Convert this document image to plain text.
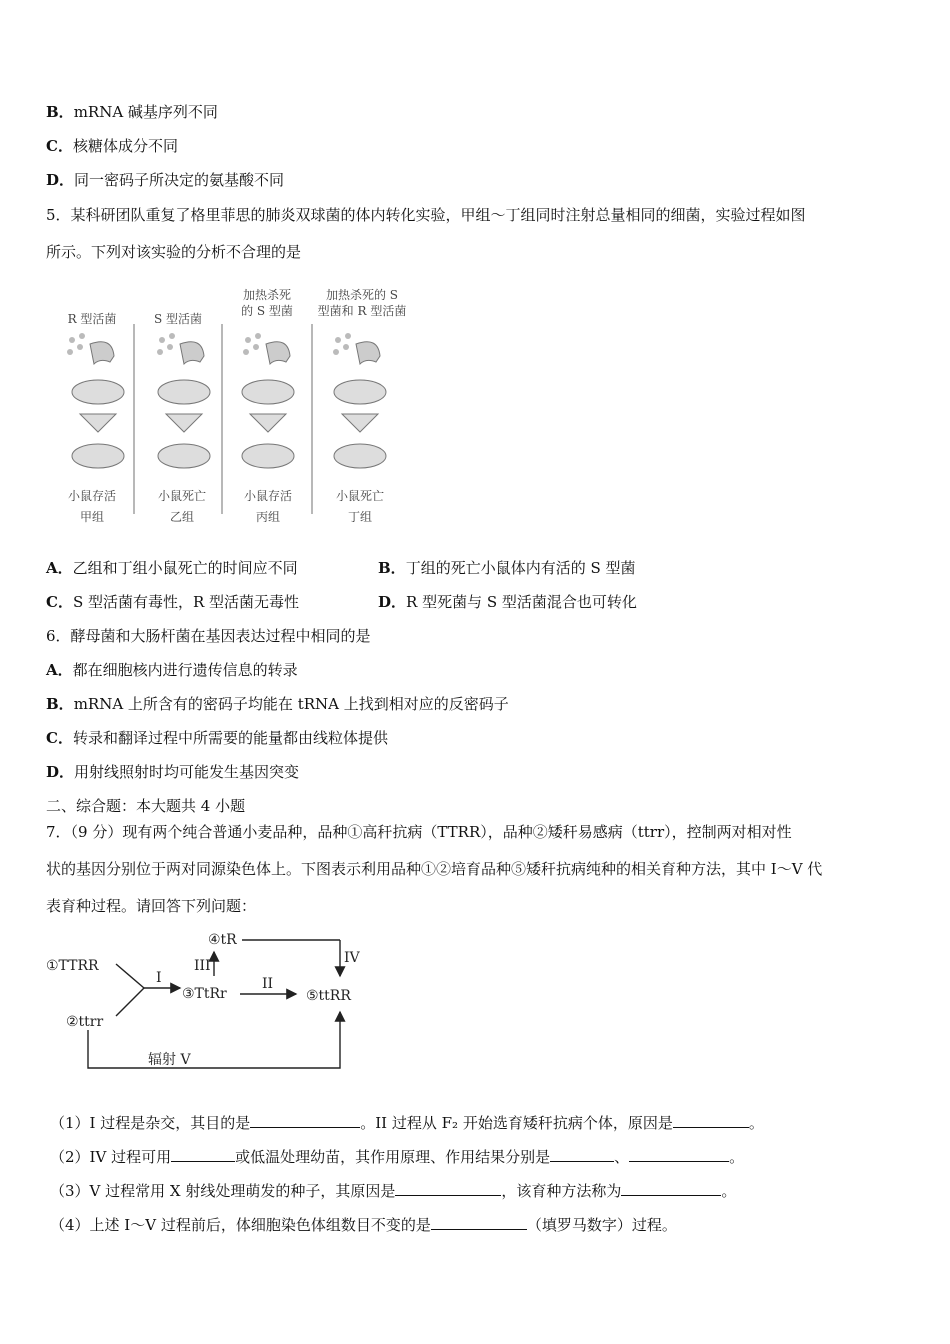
B．mRNA 碱基序列不同
C．核糖体成分不同
D．同一密码子所决定的氨基酸不同
5．某科研团队重复了格里菲思的肺炎双球菌的体内转化实验，甲组～丁组同时注射总量相同的细菌，实验过程如图
所示。下列对该实验的分析不合理的是
R 型活菌	S 型活菌
加热杀死
的 S 型菌
加热杀死的 S
型菌和 R 型活菌
小鼠存活
甲组
小鼠死亡
乙组
小鼠存活
丙组
小鼠死亡
丁组
A．乙组和丁组小鼠死亡的时间应不同	B．丁组的死亡小鼠体内有活的 S 型菌
C．S 型活菌有毒性，R 型活菌无毒性	D．R 型死菌与 S 型活菌混合也可转化
6．酵母菌和大肠杆菌在基因表达过程中相同的是
A．都在细胞核内进行遗传信息的转录
B．mRNA 上所含有的密码子均能在 tRNA 上找到相对应的反密码子
C．转录和翻译过程中所需要的能量都由线粒体提供
D．用射线照射时均可能发生基因突变
二、综合题：本大题共 4 小题
7．（9 分）现有两个纯合普通小麦品种，品种①高秆抗病（TTRR），品种②矮秆易感病（ttrr），控制两对相对性
状的基因分别位于两对同源染色体上。下图表示利用品种①②培育品种⑤矮秆抗病纯种的相关育种方法，其中 I～V 代
表育种过程。请回答下列问题：
①TTRR
②ttrr
③TtRr
④tR
⑤ttRR
I	II
III	IV
辐射 V
（1）I 过程是杂交，其目的是	。II 过程从 F₂ 开始选育矮秆抗病个体，原因是	。
（2）IV 过程可用	或低温处理幼苗，其作用原理、作用结果分别是	、	。
（3）V 过程常用 X 射线处理萌发的种子，其原因是	，该育种方法称为	。
（4）上述 I～V 过程前后，体细胞染色体组数目不变的是	（填罗马数字）过程。
